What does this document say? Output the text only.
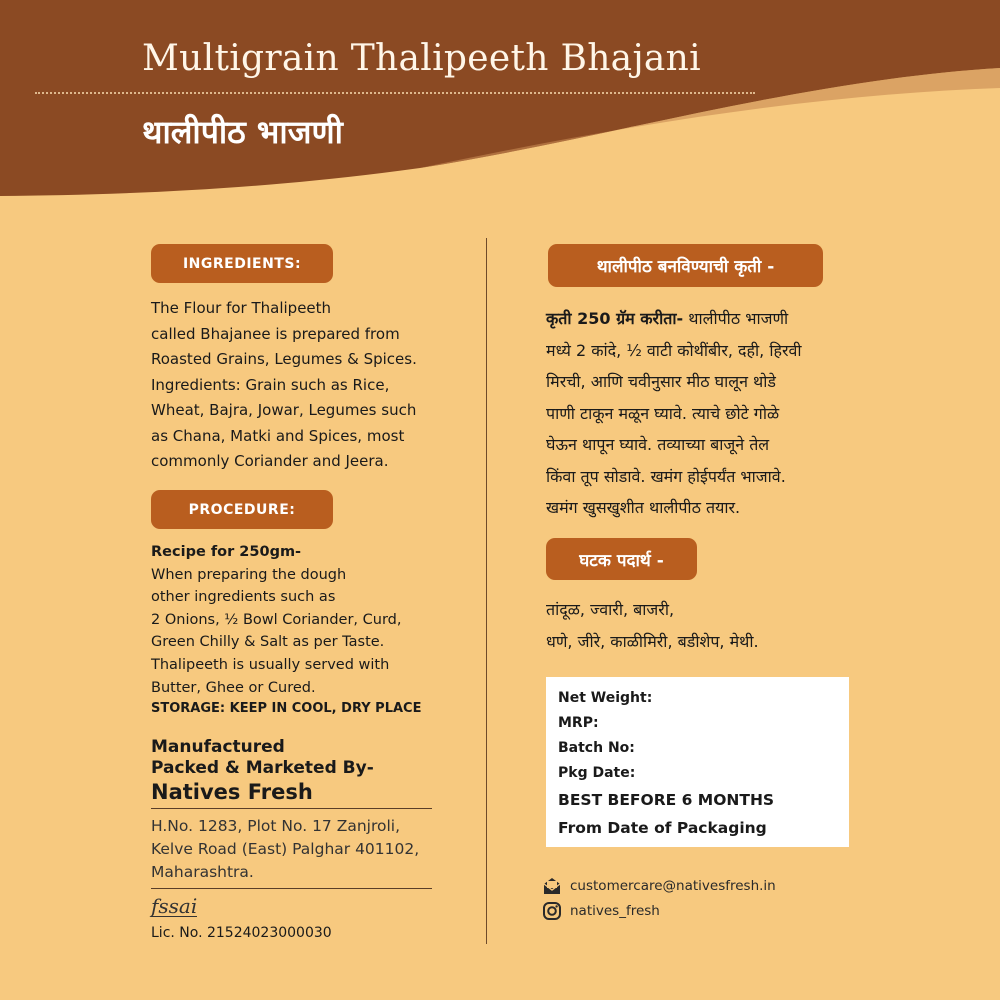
Multigrain Thalipeeth Bhajani
थालीपीठ भाजणी
INGREDIENTS:
The Flour for Thalipeeth
called Bhajanee is prepared from
Roasted Grains, Legumes & Spices.
Ingredients: Grain such as Rice,
Wheat, Bajra, Jowar, Legumes such
as Chana, Matki and Spices, most
commonly Coriander and Jeera.
PROCEDURE:
Recipe for 250gm-
When preparing the dough
other ingredients such as
2 Onions, ½ Bowl Coriander, Curd,
Green Chilly & Salt as per Taste.
Thalipeeth is usually served with
Butter, Ghee or Cured.
STORAGE: KEEP IN COOL, DRY PLACE
Manufactured
Packed & Marketed By-
Natives Fresh
H.No. 1283, Plot No. 17 Zanjroli,
Kelve Road (East) Palghar 401102,
Maharashtra.
fssai
Lic. No. 21524023000030
थालीपीठ बनविण्याची कृती -
कृती 250 ग्रॅम करीता- थालीपीठ भाजणी
मध्ये 2 कांदे, ½ वाटी कोथींबीर, दही, हिरवी
मिरची, आणि चवीनुसार मीठ घालून थोडे
पाणी टाकून मळून घ्यावे. त्याचे छोटे गोळे
घेऊन थापून घ्यावे. तव्याच्या बाजूने तेल
किंवा तूप सोडावे. खमंग होईपर्यंत भाजावे.
खमंग खुसखुशीत थालीपीठ तयार.
घटक पदार्थ -
तांदूळ, ज्वारी, बाजरी,
धणे, जीरे, काळीमिरी, बडीशेप, मेथी.
Net Weight:
MRP:
Batch No:
Pkg Date:
BEST BEFORE 6 MONTHS
From Date of Packaging
customercare@nativesfresh.in
natives_fresh
